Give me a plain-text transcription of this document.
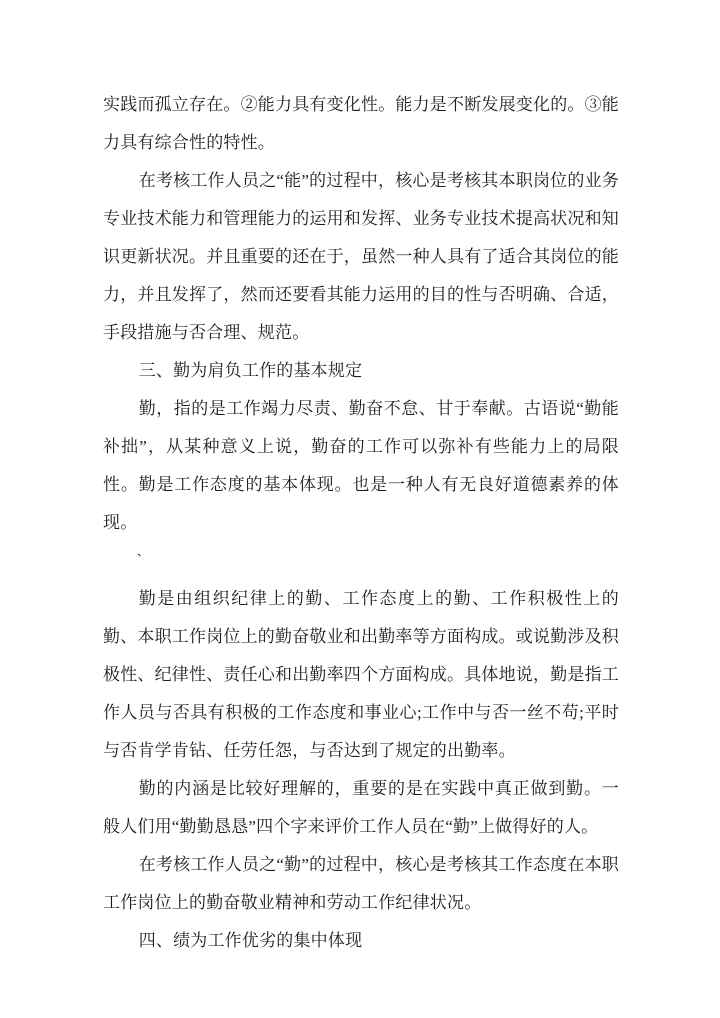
实践而孤立存在。②能力具有变化性。能力是不断发展变化的。③能力具有综合性的特性。

在考核工作人员之“能”的过程中，核心是考核其本职岗位的业务专业技术能力和管理能力的运用和发挥、业务专业技术提高状况和知识更新状况。并且重要的还在于，虽然一种人具有了适合其岗位的能力，并且发挥了，然而还要看其能力运用的目的性与否明确、合适，手段措施与否合理、规范。

三、勤为肩负工作的基本规定

勤，指的是工作竭力尽责、勤奋不怠、甘于奉献。古语说“勤能补拙”，从某种意义上说，勤奋的工作可以弥补有些能力上的局限性。勤是工作态度的基本体现。也是一种人有无良好道德素养的体现。

`

勤是由组织纪律上的勤、工作态度上的勤、工作积极性上的勤、本职工作岗位上的勤奋敬业和出勤率等方面构成。或说勤涉及积极性、纪律性、责任心和出勤率四个方面构成。具体地说，勤是指工作人员与否具有积极的工作态度和事业心;工作中与否一丝不苟;平时与否肯学肯钻、任劳任怨，与否达到了规定的出勤率。

勤的内涵是比较好理解的，重要的是在实践中真正做到勤。一般人们用“勤勤恳恳”四个字来评价工作人员在“勤”上做得好的人。

在考核工作人员之“勤”的过程中，核心是考核其工作态度在本职工作岗位上的勤奋敬业精神和劳动工作纪律状况。

四、绩为工作优劣的集中体现
